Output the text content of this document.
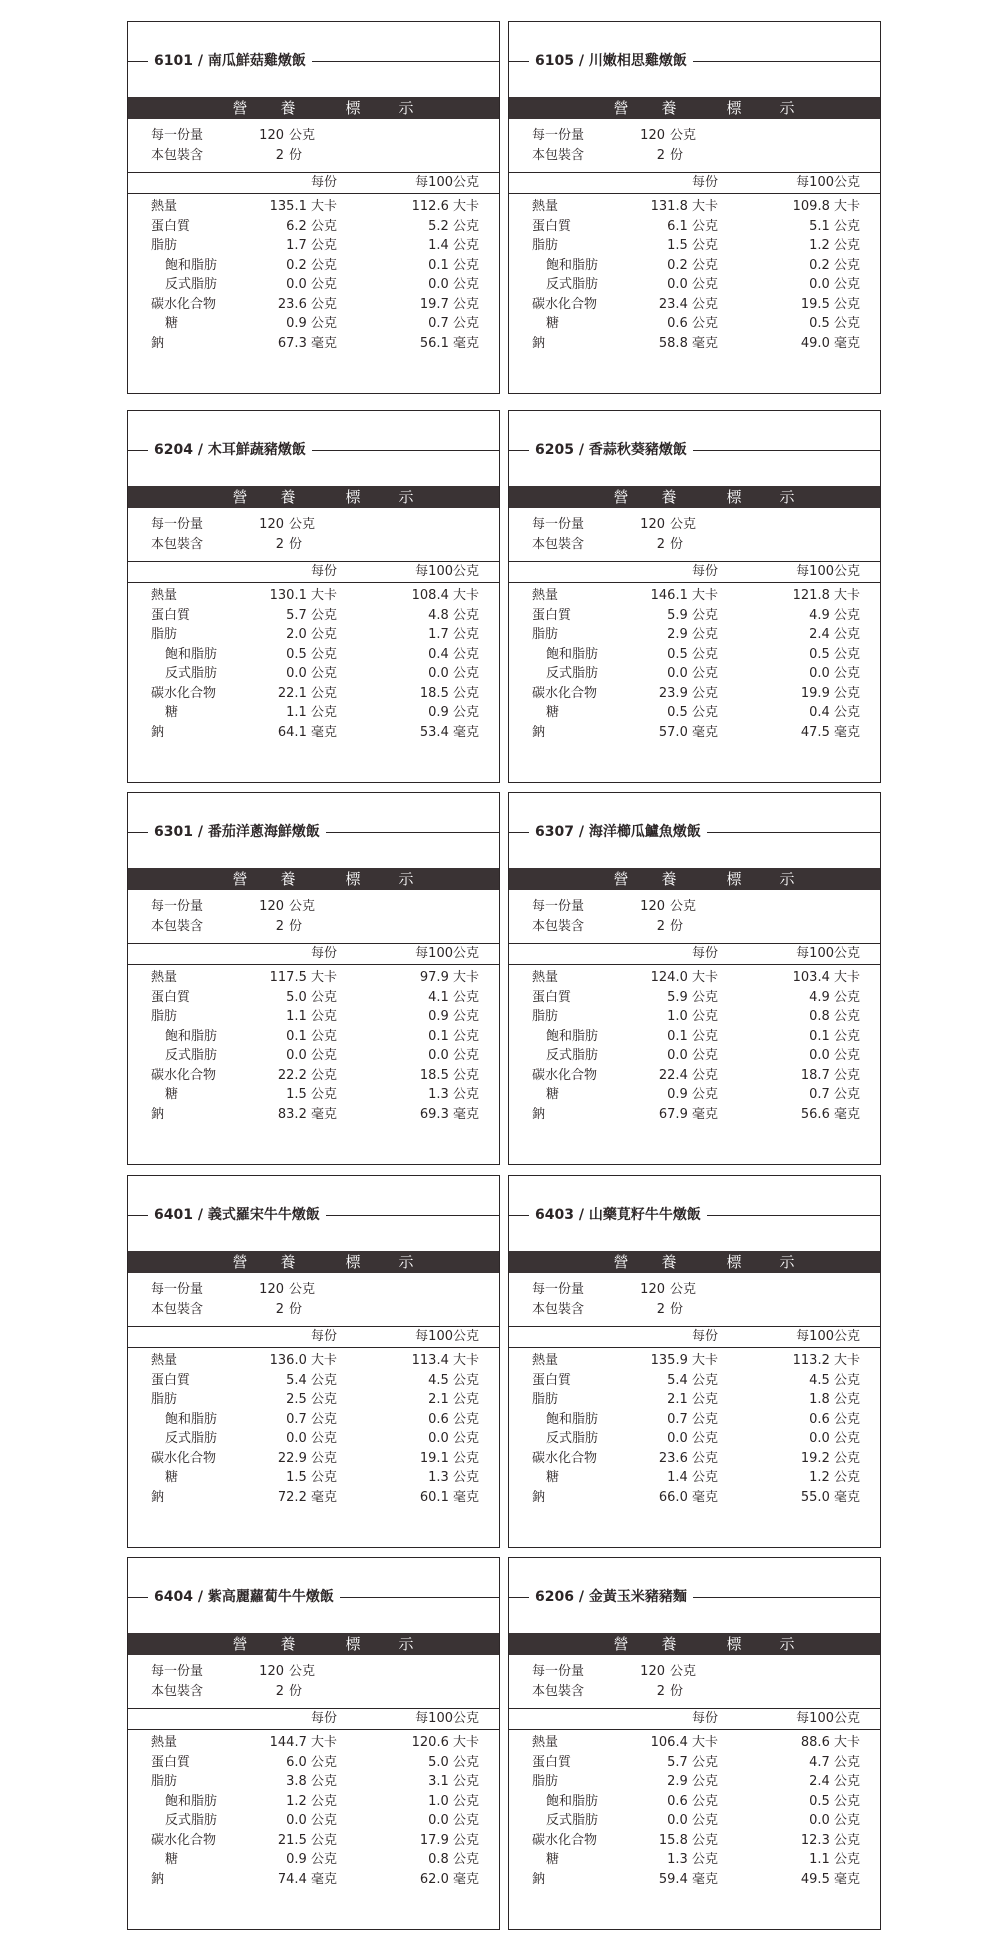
6101 / 南瓜鮮菇雞燉飯
營 養	標	示
每一份量	120 公克
本包裝含	2 份
每份	每100公克
熱量	135.1 大卡	112.6 大卡
蛋白質	6.2 公克	5.2 公克
脂肪	1.7 公克	1.4 公克
飽和脂肪	0.2 公克	0.1 公克
反式脂肪	0.0 公克	0.0 公克
碳水化合物	23.6 公克	19.7 公克
糖	0.9 公克	0.7 公克
鈉	67.3 毫克	56.1 毫克
6105 / 川嫩相思雞燉飯
營 養	標	示
每一份量	120 公克
本包裝含	2 份
每份	每100公克
熱量	131.8 大卡	109.8 大卡
蛋白質	6.1 公克	5.1 公克
脂肪	1.5 公克	1.2 公克
飽和脂肪	0.2 公克	0.2 公克
反式脂肪	0.0 公克	0.0 公克
碳水化合物	23.4 公克	19.5 公克
糖	0.6 公克	0.5 公克
鈉	58.8 毫克	49.0 毫克
6204 / 木耳鮮蔬豬燉飯
營 養	標	示
每一份量	120 公克
本包裝含	2 份
每份	每100公克
熱量	130.1 大卡	108.4 大卡
蛋白質	5.7 公克	4.8 公克
脂肪	2.0 公克	1.7 公克
飽和脂肪	0.5 公克	0.4 公克
反式脂肪	0.0 公克	0.0 公克
碳水化合物	22.1 公克	18.5 公克
糖	1.1 公克	0.9 公克
鈉	64.1 毫克	53.4 毫克
6205 / 香蒜秋葵豬燉飯
營 養	標	示
每一份量	120 公克
本包裝含	2 份
每份	每100公克
熱量	146.1 大卡	121.8 大卡
蛋白質	5.9 公克	4.9 公克
脂肪	2.9 公克	2.4 公克
飽和脂肪	0.5 公克	0.5 公克
反式脂肪	0.0 公克	0.0 公克
碳水化合物	23.9 公克	19.9 公克
糖	0.5 公克	0.4 公克
鈉	57.0 毫克	47.5 毫克
6301 / 番茄洋蔥海鮮燉飯
營 養	標	示
每一份量	120 公克
本包裝含	2 份
每份	每100公克
熱量	117.5 大卡	97.9 大卡
蛋白質	5.0 公克	4.1 公克
脂肪	1.1 公克	0.9 公克
飽和脂肪	0.1 公克	0.1 公克
反式脂肪	0.0 公克	0.0 公克
碳水化合物	22.2 公克	18.5 公克
糖	1.5 公克	1.3 公克
鈉	83.2 毫克	69.3 毫克
6307 / 海洋櫛瓜鱸魚燉飯
營 養	標	示
每一份量	120 公克
本包裝含	2 份
每份	每100公克
熱量	124.0 大卡	103.4 大卡
蛋白質	5.9 公克	4.9 公克
脂肪	1.0 公克	0.8 公克
飽和脂肪	0.1 公克	0.1 公克
反式脂肪	0.0 公克	0.0 公克
碳水化合物	22.4 公克	18.7 公克
糖	0.9 公克	0.7 公克
鈉	67.9 毫克	56.6 毫克
6401 / 義式羅宋牛牛燉飯
營 養	標	示
每一份量	120 公克
本包裝含	2 份
每份	每100公克
熱量	136.0 大卡	113.4 大卡
蛋白質	5.4 公克	4.5 公克
脂肪	2.5 公克	2.1 公克
飽和脂肪	0.7 公克	0.6 公克
反式脂肪	0.0 公克	0.0 公克
碳水化合物	22.9 公克	19.1 公克
糖	1.5 公克	1.3 公克
鈉	72.2 毫克	60.1 毫克
6403 / 山藥莧籽牛牛燉飯
營 養	標	示
每一份量	120 公克
本包裝含	2 份
每份	每100公克
熱量	135.9 大卡	113.2 大卡
蛋白質	5.4 公克	4.5 公克
脂肪	2.1 公克	1.8 公克
飽和脂肪	0.7 公克	0.6 公克
反式脂肪	0.0 公克	0.0 公克
碳水化合物	23.6 公克	19.2 公克
糖	1.4 公克	1.2 公克
鈉	66.0 毫克	55.0 毫克
6404 / 紫高麗蘿蔔牛牛燉飯
營 養	標	示
每一份量	120 公克
本包裝含	2 份
每份	每100公克
熱量	144.7 大卡	120.6 大卡
蛋白質	6.0 公克	5.0 公克
脂肪	3.8 公克	3.1 公克
飽和脂肪	1.2 公克	1.0 公克
反式脂肪	0.0 公克	0.0 公克
碳水化合物	21.5 公克	17.9 公克
糖	0.9 公克	0.8 公克
鈉	74.4 毫克	62.0 毫克
6206 / 金黃玉米豬豬麵
營 養	標	示
每一份量	120 公克
本包裝含	2 份
每份	每100公克
熱量	106.4 大卡	88.6 大卡
蛋白質	5.7 公克	4.7 公克
脂肪	2.9 公克	2.4 公克
飽和脂肪	0.6 公克	0.5 公克
反式脂肪	0.0 公克	0.0 公克
碳水化合物	15.8 公克	12.3 公克
糖	1.3 公克	1.1 公克
鈉	59.4 毫克	49.5 毫克
